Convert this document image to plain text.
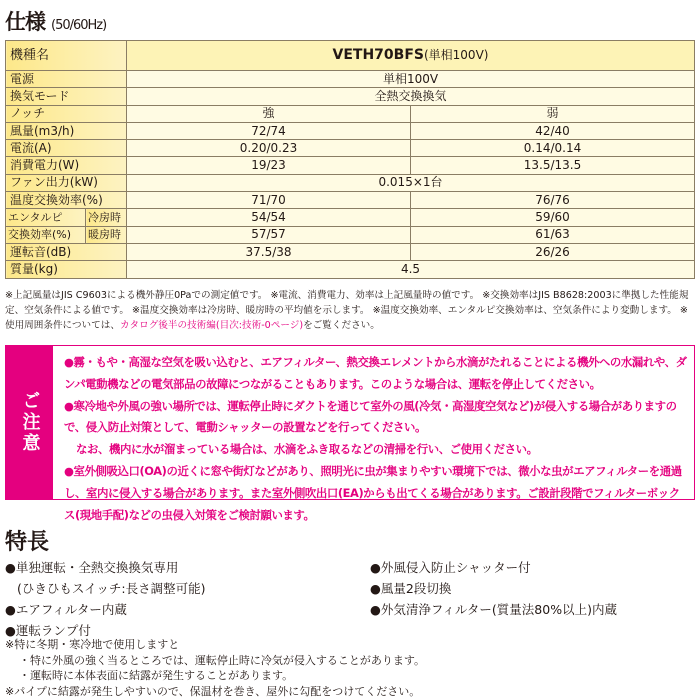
仕様 (50/60Hz)
機種名		VETH70BFS(単相100V)	
電源		単相100V	
換気モード		全熱交換換気	
ノッチ		強	弱
風量(m3/h)		72/74	42/40
電流(A)		0.20/0.23	0.14/0.14
消費電力(W)		19/23	13.5/13.5
ファン出力(kW)		0.015×1台	
温度交換効率(%)		71/70	76/76
エンタルピ	冷房時	54/54	59/60
交換効率(%)	暖房時	57/57	61/63
運転音(dB)		37.5/38	26/26
質量(kg)		4.5	
※上記風量はJIS C9603による機外静圧0Paでの測定値です。 ※電流、消費電力、効率は上記風量時の値です。 ※交換効率はJIS B8628:2003に準拠した性能規定、空気条件による値です。 ※温度交換効率は冷房時、暖房時の平均値を示します。 ※温度交換効率、エンタルピ交換効率は、空気条件により変動します。 ※使用周囲条件については、カタログ後半の技術編(目次:技術-0ページ)をご覧ください。
ご注意

●霧・もや・高湿な空気を吸い込むと、エアフィルター、熱交換エレメントから水滴がたれることによる機外への水漏れや、ダンパ電動機などの電気部品の故障につながることもあります。このような場合は、運転を停止してください。

●寒冷地や外風の強い場所では、運転停止時にダクトを通じて室外の風(冷気・高湿度空気など)が侵入する場合がありますので、侵入防止対策として、電動シャッターの設置などを行ってください。

なお、機内に水が溜まっている場合は、水滴をふき取るなどの清掃を行い、ご使用ください。

●室外側吸込口(OA)の近くに窓や街灯などがあり、照明光に虫が集まりやすい環境下では、微小な虫がエアフィルターを通過し、室内に侵入する場合があります。また室外側吹出口(EA)からも出てくる場合があります。ご設計段階でフィルターボックス(現地手配)などの虫侵入対策をご検討願います。

特長
●単独運転・全熱交換換気専用
(ひきひもスイッチ:長さ調整可能)
●エアフィルター内蔵
●運転ランプ付
●外風侵入防止シャッター付
●風量2段切換
●外気清浄フィルター(質量法80%以上)内蔵
※特に冬期・寒冷地で使用しますと
・特に外風の強く当るところでは、運転停止時に冷気が侵入することがあります。
・運転時に本体表面に結露が発生することがあります。
※パイプに結露が発生しやすいので、保温材を巻き、屋外に勾配をつけてください。
